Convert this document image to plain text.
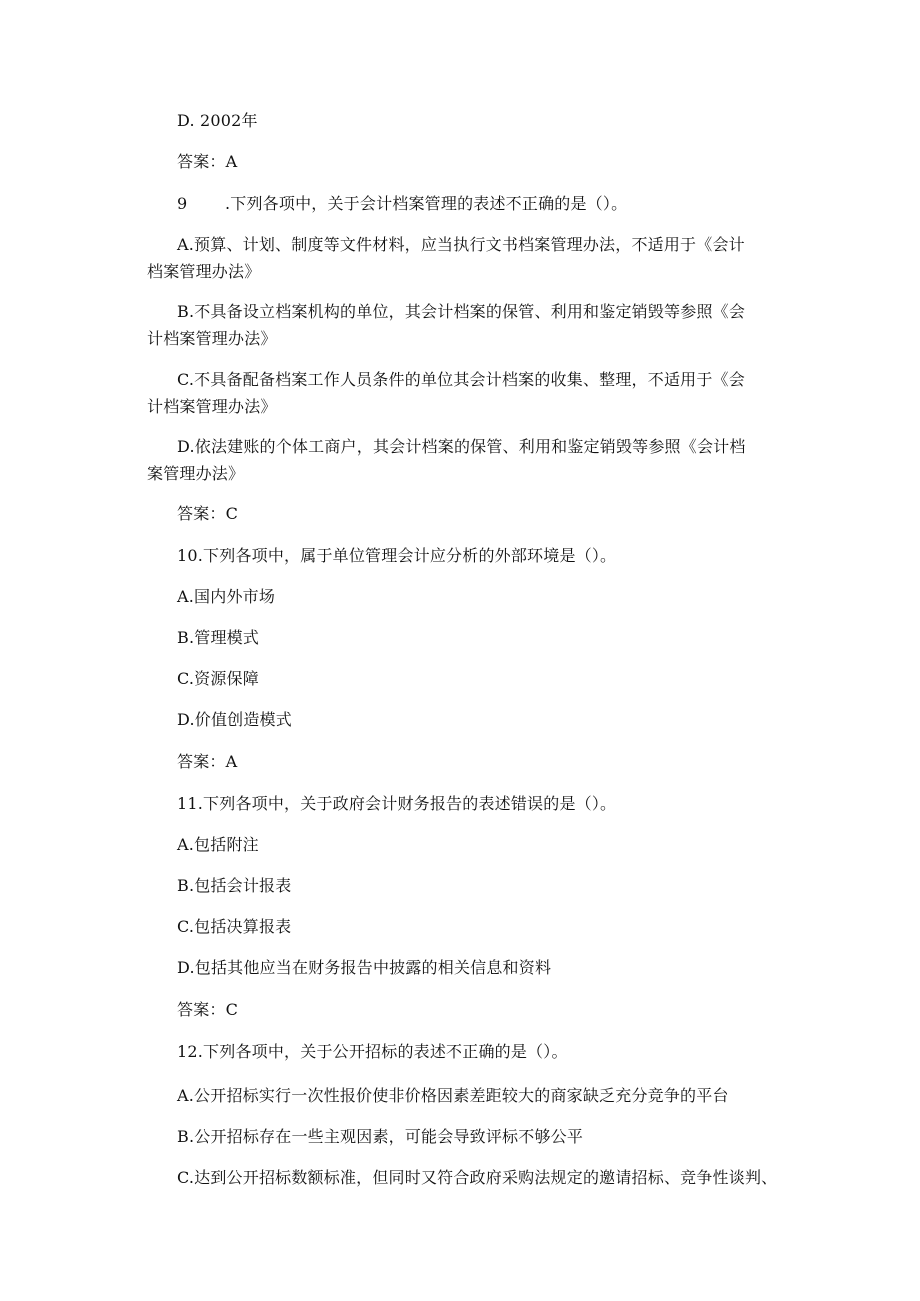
D. 2002年
答案：A
9 .下列各项中，关于会计档案管理的表述不正确的是（）。
A.预算、计划、制度等文件材料，应当执行文书档案管理办法，不适用于《会计
档案管理办法》
B.不具备设立档案机构的单位，其会计档案的保管、利用和鉴定销毁等参照《会
计档案管理办法》
C.不具备配备档案工作人员条件的单位其会计档案的收集、整理，不适用于《会
计档案管理办法》
D.依法建账的个体工商户，其会计档案的保管、利用和鉴定销毁等参照《会计档
案管理办法》
答案：C
10.下列各项中，属于单位管理会计应分析的外部环境是（）。
A.国内外市场
B.管理模式
C.资源保障
D.价值创造模式
答案：A
11.下列各项中，关于政府会计财务报告的表述错误的是（）。
A.包括附注
B.包括会计报表
C.包括决算报表
D.包括其他应当在财务报告中披露的相关信息和资料
答案：C
12.下列各项中，关于公开招标的表述不正确的是（）。
A.公开招标实行一次性报价使非价格因素差距较大的商家缺乏充分竞争的平台
B.公开招标存在一些主观因素，可能会导致评标不够公平
C.达到公开招标数额标准，但同时又符合政府采购法规定的邀请招标、竞争性谈判、
